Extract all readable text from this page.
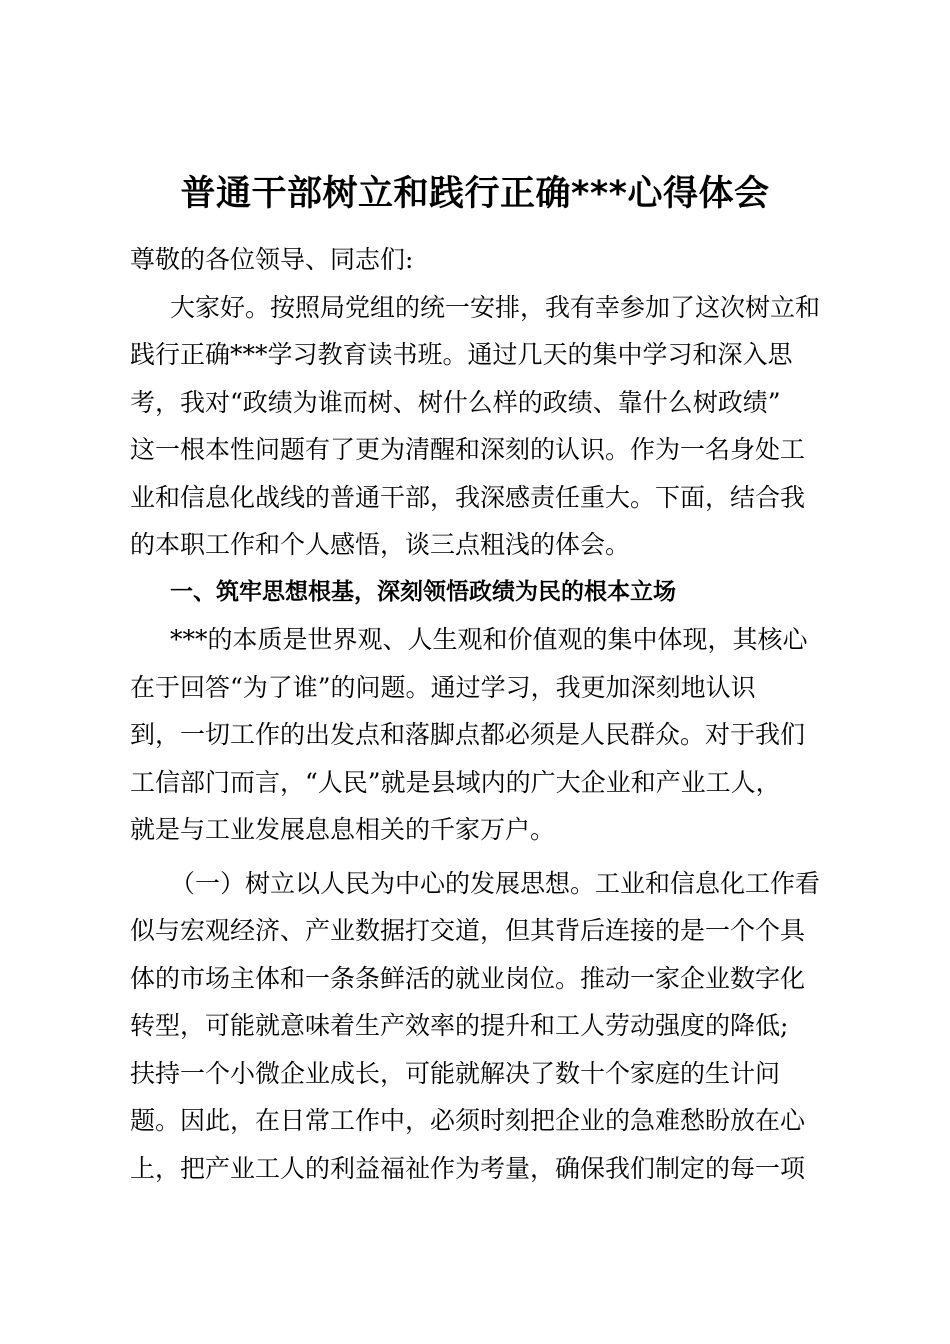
普通干部树立和践行正确***心得体会
尊敬的各位领导、同志们:
大家好。按照局党组的统一安排，我有幸参加了这次树立和
践行正确***学习教育读书班。通过几天的集中学习和深入思
考，我对“政绩为谁而树、树什么样的政绩、靠什么树政绩”
这一根本性问题有了更为清醒和深刻的认识。作为一名身处工
业和信息化战线的普通干部，我深感责任重大。下面，结合我
的本职工作和个人感悟，谈三点粗浅的体会。
一、筑牢思想根基，深刻领悟政绩为民的根本立场
***的本质是世界观、人生观和价值观的集中体现，其核心
在于回答“为了谁”的问题。通过学习，我更加深刻地认识
到，一切工作的出发点和落脚点都必须是人民群众。对于我们
工信部门而言，“人民”就是县域内的广大企业和产业工人，
就是与工业发展息息相关的千家万户。
（一）树立以人民为中心的发展思想。工业和信息化工作看
似与宏观经济、产业数据打交道，但其背后连接的是一个个具
体的市场主体和一条条鲜活的就业岗位。推动一家企业数字化
转型，可能就意味着生产效率的提升和工人劳动强度的降低;
扶持一个小微企业成长，可能就解决了数十个家庭的生计问
题。因此，在日常工作中，必须时刻把企业的急难愁盼放在心
上，把产业工人的利益福祉作为考量，确保我们制定的每一项
